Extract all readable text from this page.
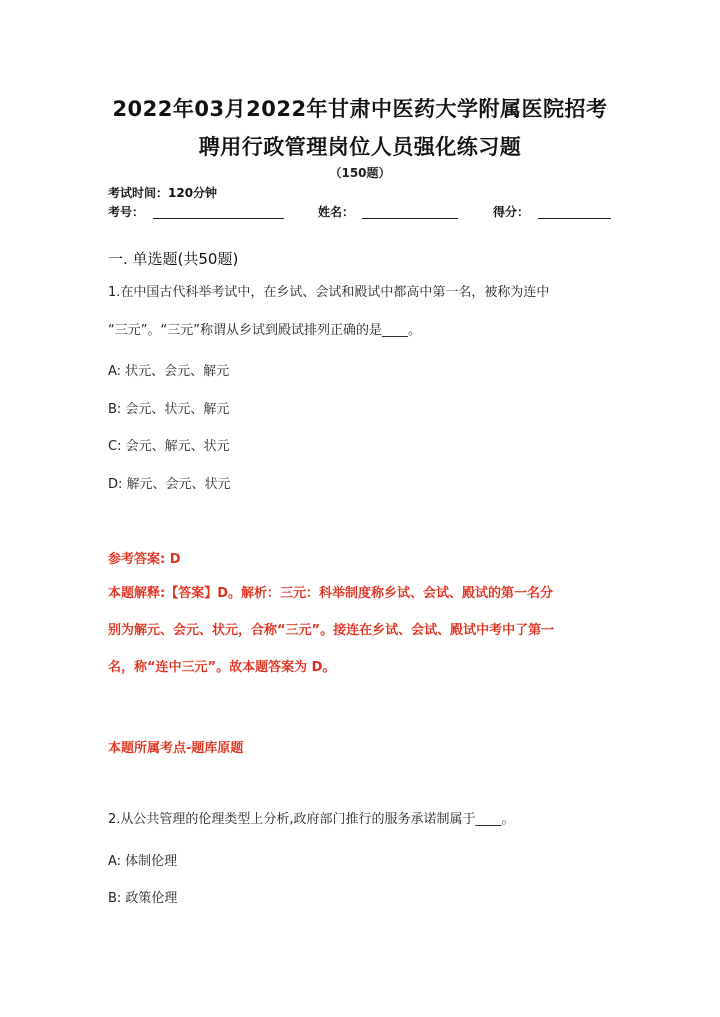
2022年03月2022年甘肃中医药大学附属医院招考
聘用行政管理岗位人员强化练习题
（150题）
考试时间：120分钟
考号：	姓名：	得分：
一. 单选题(共50题)
1.在中国古代科举考试中，在乡试、会试和殿试中都高中第一名，被称为连中
“三元”。“三元”称谓从乡试到殿试排列正确的是____。
A: 状元、会元、解元
B: 会元、状元、解元
C: 会元、解元、状元
D: 解元、会元、状元
参考答案: D
本题解释:【答案】D。解析：三元：科举制度称乡试、会试、殿试的第一名分
别为解元、会元、状元，合称“三元”。接连在乡试、会试、殿试中考中了第一
名，称“连中三元”。故本题答案为 D。
本题所属考点-题库原题
2.从公共管理的伦理类型上分析,政府部门推行的服务承诺制属于____。
A: 体制伦理
B: 政策伦理
